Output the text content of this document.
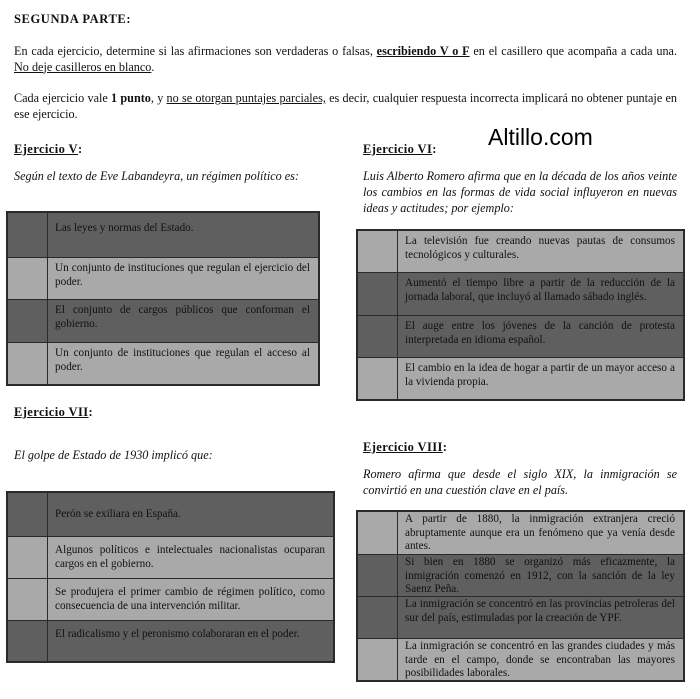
SEGUNDA PARTE:
En cada ejercicio, determine si las afirmaciones son verdaderas o falsas, escribiendo V o F en el casillero que acompaña a cada una. No deje casilleros en blanco.
Cada ejercicio vale 1 punto, y no se otorgan puntajes parciales, es decir, cualquier respuesta incorrecta implicará no obtener puntaje en ese ejercicio.
Altillo.com
Ejercicio V:
Según el texto de Eve Labandeyra, un régimen político es:
Las leyes y normas del Estado.
Un conjunto de instituciones que regulan el ejercicio del poder.
El conjunto de cargos públicos que conforman el gobierno.
Un conjunto de instituciones que regulan el acceso al poder.
Ejercicio VI:
Luis Alberto Romero afirma que en la década de los años veinte los cambios en las formas de vida social influyeron en nuevas ideas y actitudes; por ejemplo:
La televisión fue creando nuevas pautas de consumos tecnológicos y culturales.
Aumentó el tiempo libre a partir de la reducción de la jornada laboral, que incluyó al llamado sábado inglés.
El auge entre los jóvenes de la canción de protesta interpretada en idioma español.
El cambio en la idea de hogar a partir de un mayor acceso a la vivienda propia.
Ejercicio VII:
El golpe de Estado de 1930 implicó que:
Perón se exiliara en España.
Algunos políticos e intelectuales nacionalistas ocuparan cargos en el gobierno.
Se produjera el primer cambio de régimen político, como consecuencia de una intervención militar.
El radicalismo y el peronismo colaboraran en el poder.
Ejercicio VIII:
Romero afirma que desde el siglo XIX, la inmigración se convirtió en una cuestión clave en el país.
A partir de 1880, la inmigración extranjera creció abruptamente aunque era un fenómeno que ya venía desde antes.
Si bien en 1880 se organizó más eficazmente, la inmigración comenzó en 1912, con la sanción de la ley Saenz Peña.
La inmigración se concentró en las provincias petroleras del sur del país, estimuladas por la creación de YPF.
La inmigración se concentró en las grandes ciudades y más tarde en el campo, donde se encontraban las mayores posibilidades laborales.
